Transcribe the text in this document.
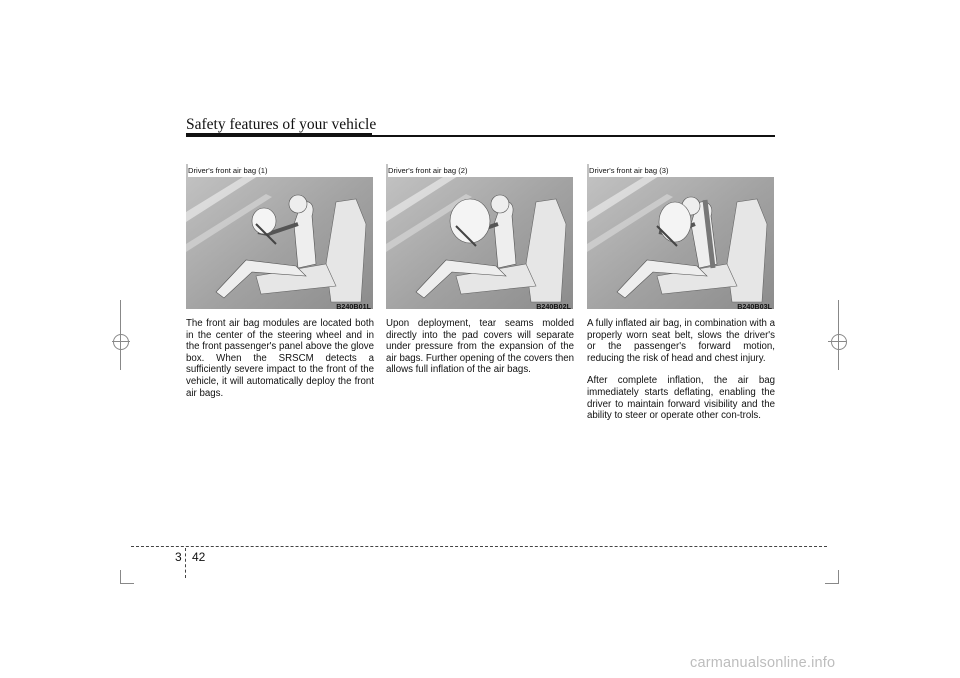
Safety features of your vehicle
Driver's front air bag (1)
B240B01L
Driver's front air bag (2)
B240B02L
Driver's front air bag (3)
B240B03L

The front air bag modules are located both in the center of the steering wheel and in the front passenger's panel above the glove box. When the SRSCM detects a sufficiently severe impact to the front of the vehicle, it will automatically deploy the front air bags.

Upon deployment, tear seams molded directly into the pad covers will separate under pressure from the expansion of the air bags. Further opening of the covers then allows full inflation of the air bags.

A fully inflated air bag, in combination with a properly worn seat belt, slows the driver's or the passenger's forward motion, reducing the risk of head and chest injury.

After complete inflation, the air bag immediately starts deflating, enabling the driver to maintain forward visibility and the ability to steer or operate other con-trols.

3 42
carmanualsonline.info
